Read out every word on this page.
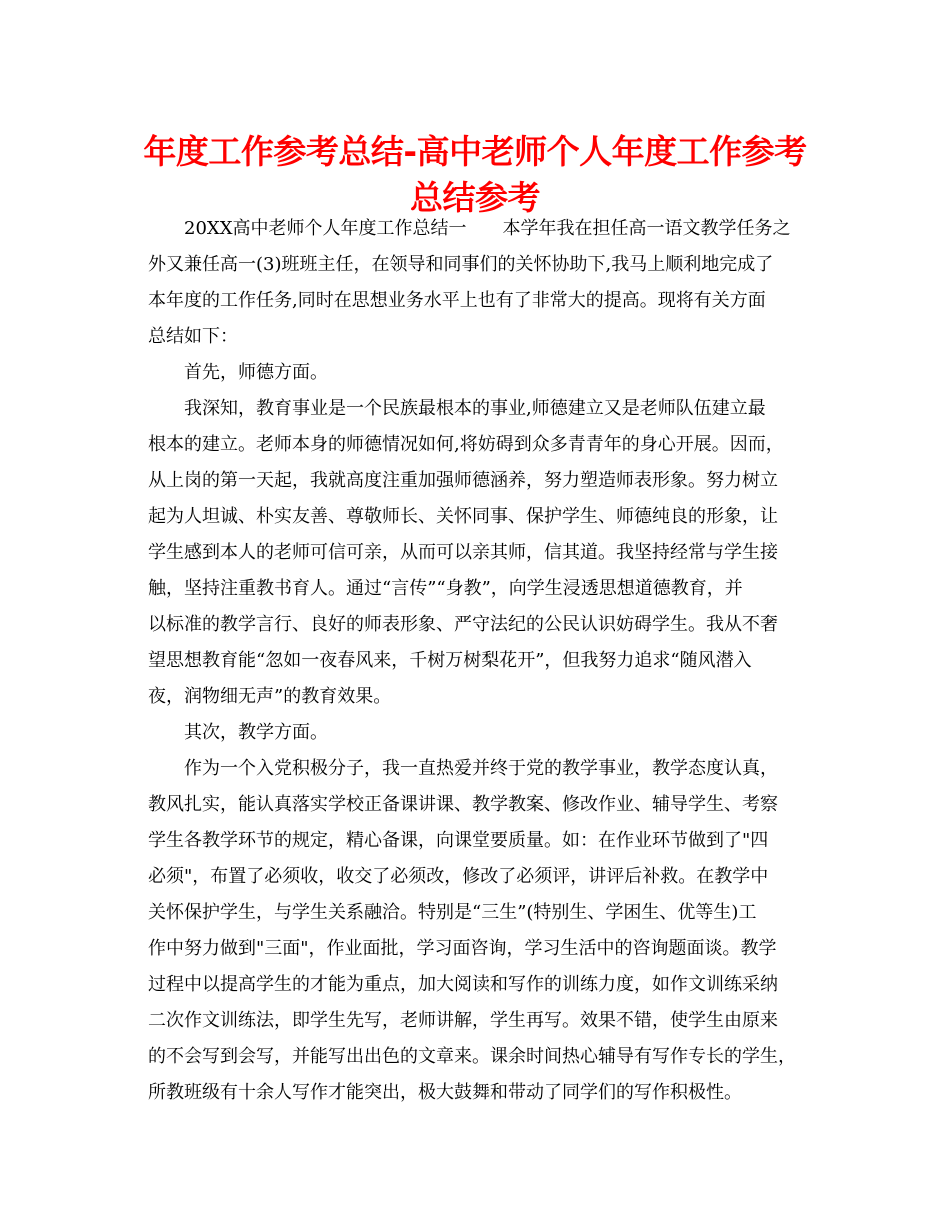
年度工作参考总结-高中老师个人年度工作参考
总结参考

20XX高中老师个人年度工作总结一　　本学年我在担任高一语文教学任务之

外又兼任高一(3)班班主任，在领导和同事们的关怀协助下,我马上顺利地完成了

本年度的工作任务,同时在思想业务水平上也有了非常大的提高。现将有关方面

总结如下：

首先，师德方面。

我深知，教育事业是一个民族最根本的事业,师德建立又是老师队伍建立最

根本的建立。老师本身的师德情况如何,将妨碍到众多青青年的身心开展。因而，

从上岗的第一天起，我就高度注重加强师德涵养，努力塑造师表形象。努力树立

起为人坦诚、朴实友善、尊敬师长、关怀同事、保护学生、师德纯良的形象，让

学生感到本人的老师可信可亲，从而可以亲其师，信其道。我坚持经常与学生接

触，坚持注重教书育人。通过“言传”“身教”，向学生浸透思想道德教育，并

以标准的教学言行、良好的师表形象、严守法纪的公民认识妨碍学生。我从不奢

望思想教育能“忽如一夜春风来，千树万树梨花开”，但我努力追求“随风潜入

夜，润物细无声”的教育效果。

其次，教学方面。

作为一个入党积极分子，我一直热爱并终于党的教学事业，教学态度认真，

教风扎实，能认真落实学校正备课讲课、教学教案、修改作业、辅导学生、考察

学生各教学环节的规定，精心备课，向课堂要质量。如：在作业环节做到了"四

必须"，布置了必须收，收交了必须改，修改了必须评，讲评后补救。在教学中

关怀保护学生，与学生关系融洽。特别是“三生”(特别生、学困生、优等生)工

作中努力做到"三面"，作业面批，学习面咨询，学习生活中的咨询题面谈。教学

过程中以提高学生的才能为重点，加大阅读和写作的训练力度，如作文训练采纳

二次作文训练法，即学生先写，老师讲解，学生再写。效果不错，使学生由原来

的不会写到会写，并能写出出色的文章来。课余时间热心辅导有写作专长的学生，

所教班级有十余人写作才能突出，极大鼓舞和带动了同学们的写作积极性。
